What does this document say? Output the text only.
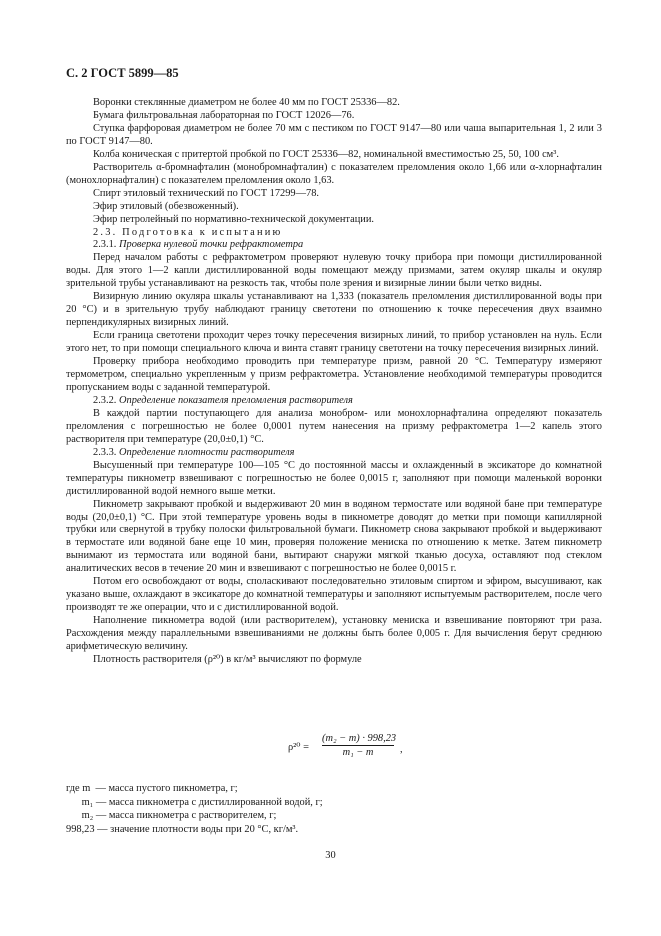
С. 2 ГОСТ 5899—85

Воронки стеклянные диаметром не более 40 мм по ГОСТ 25336—82.

Бумага фильтровальная лабораторная по ГОСТ 12026—76.

Ступка фарфоровая диаметром не более 70 мм с пестиком по ГОСТ 9147—80 или чаша выпарительная 1, 2 или 3 по ГОСТ 9147—80.

Колба коническая с притертой пробкой по ГОСТ 25336—82, номинальной вместимостью 25, 50, 100 см³.

Растворитель α-бромнафталин (монобромнафталин) с показателем преломления около 1,66 или α-хлорнафталин (монохлорнафталин) с показателем преломления около 1,63.

Спирт этиловый технический по ГОСТ 17299—78.

Эфир этиловый (обезвоженный).

Эфир петролейный по нормативно-технической документации.

2.3. Подготовка к испытанию

2.3.1. Проверка нулевой точки рефрактометра

Перед началом работы с рефрактометром проверяют нулевую точку прибора при помощи дистиллированной воды. Для этого 1—2 капли дистиллированной воды помещают между призмами, затем окуляр шкалы и окуляр зрительной трубы устанавливают на резкость так, чтобы поле зрения и визирные линии были четко видны.

Визирную линию окуляра шкалы устанавливают на 1,333 (показатель преломления дистиллированной воды при 20 °С) и в зрительную трубу наблюдают границу светотени по отношению к точке пересечения двух взаимно перпендикулярных визирных линий.

Если граница светотени проходит через точку пересечения визирных линий, то прибор установлен на нуль. Если этого нет, то при помощи специального ключа и винта ставят границу светотени на точку пересечения визирных линий.

Проверку прибора необходимо проводить при температуре призм, равной 20 °С. Температуру измеряют термометром, специально укрепленным у призм рефрактометра. Установление необходимой температуры проводится пропусканием воды с заданной температурой.

2.3.2. Определение показателя преломления растворителя

В каждой партии поступающего для анализа монобром- или монохлорнафталина определяют показатель преломления с погрешностью не более 0,0001 путем нанесения на призму рефрактометра 1—2 капель этого растворителя при температуре (20,0±0,1) °С.

2.3.3. Определение плотности растворителя

Высушенный при температуре 100—105 °С до постоянной массы и охлажденный в эксикаторе до комнатной температуры пикнометр взвешивают с погрешностью не более 0,0015 г, заполняют при помощи маленькой воронки дистиллированной водой немного выше метки.

Пикнометр закрывают пробкой и выдерживают 20 мин в водяном термостате или водяной бане при температуре воды (20,0±0,1) °С. При этой температуре уровень воды в пикнометре доводят до метки при помощи капиллярной трубки или свернутой в трубку полоски фильтровальной бумаги. Пикнометр снова закрывают пробкой и выдерживают в термостате или водяной бане еще 10 мин, проверяя положение мениска по отношению к метке. Затем пикнометр вынимают из термостата или водяной бани, вытирают снаружи мягкой тканью досуха, оставляют под стеклом аналитических весов в течение 20 мин и взвешивают с погрешностью не более 0,0015 г.

Потом его освобождают от воды, споласкивают последовательно этиловым спиртом и эфиром, высушивают, как указано выше, охлаждают в эксикаторе до комнатной температуры и заполняют испытуемым растворителем, после чего производят те же операции, что и с дистиллированной водой.

Наполнение пикнометра водой (или растворителем), установку мениска и взвешивание повторяют три раза. Расхождения между параллельными взвешиваниями не должны быть более 0,005 г. Для вычисления берут среднюю арифметическую величину.

Плотность растворителя (ρ²⁰) в кг/м³ вычисляют по формуле

$\rho^{20} = \frac{\text{(m₂ − m) · 998,23}}{\text{m₁ − m}}$ ,
где m  — масса пустого пикнометра, г;
m₁ — масса пикнометра с дистиллированной водой, г;
m₂ — масса пикнометра с растворителем, г;
998,23 — значение плотности воды при 20 °С, кг/м³.
30
